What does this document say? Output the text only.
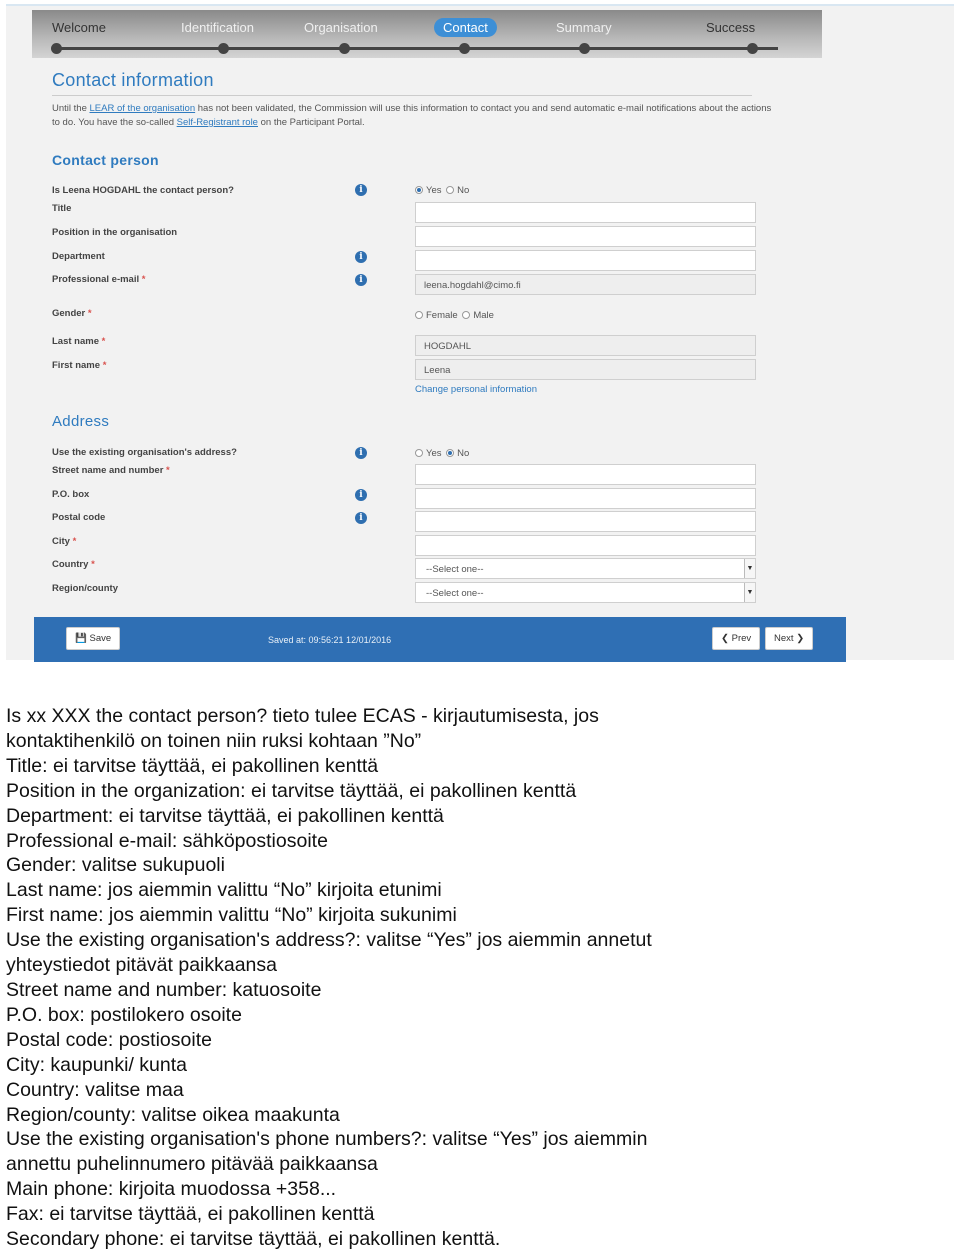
Welcome	Identification	Organisation	Contact	Summary	Success
Contact information
Until the LEAR of the organisation has not been validated, the Commission will use this information to contact you and send automatic e-mail notifications about the actions to do. You have the so-called Self-Registrant role on the Participant Portal.
Contact person
Is Leena HOGDAHL the contact person?	i	Yes No
Title
Position in the organisation
Department	i
Professional e-mail *	i	leena.hogdahl@cimo.fi
Gender *	Female Male
Last name *	HOGDAHL
First name *	Leena
Change personal information
Address
Use the existing organisation's address?	i	Yes No
Street name and number *
P.O. box	i
Postal code	i
City *
Country *	--Select one--	▼
Region/county	--Select one--	▼
💾 Save	Saved at: 09:56:21 12/01/2016	❮ Prev	Next ❯

Is xx XXX the contact person? tieto tulee ECAS - kirjautumisesta, jos

kontaktihenkilö on toinen niin ruksi kohtaan ”No”

Title: ei tarvitse täyttää, ei pakollinen kenttä

Position in the organization: ei tarvitse täyttää, ei pakollinen kenttä

Department: ei tarvitse täyttää, ei pakollinen kenttä

Professional e-mail: sähköpostiosoite

Gender: valitse sukupuoli

Last name: jos aiemmin valittu “No” kirjoita etunimi

First name: jos aiemmin valittu “No” kirjoita sukunimi

Use the existing organisation's address?: valitse “Yes” jos aiemmin annetut

yhteystiedot pitävät paikkaansa

Street name and number: katuosoite

P.O. box: postilokero osoite

Postal code: postiosoite

City: kaupunki/ kunta

Country: valitse maa

Region/county: valitse oikea maakunta

Use the existing organisation's phone numbers?: valitse “Yes” jos aiemmin

annettu puhelinnumero pitävää paikkaansa

Main phone: kirjoita muodossa +358...

Fax: ei tarvitse täyttää, ei pakollinen kenttä

Secondary phone: ei tarvitse täyttää, ei pakollinen kenttä.
